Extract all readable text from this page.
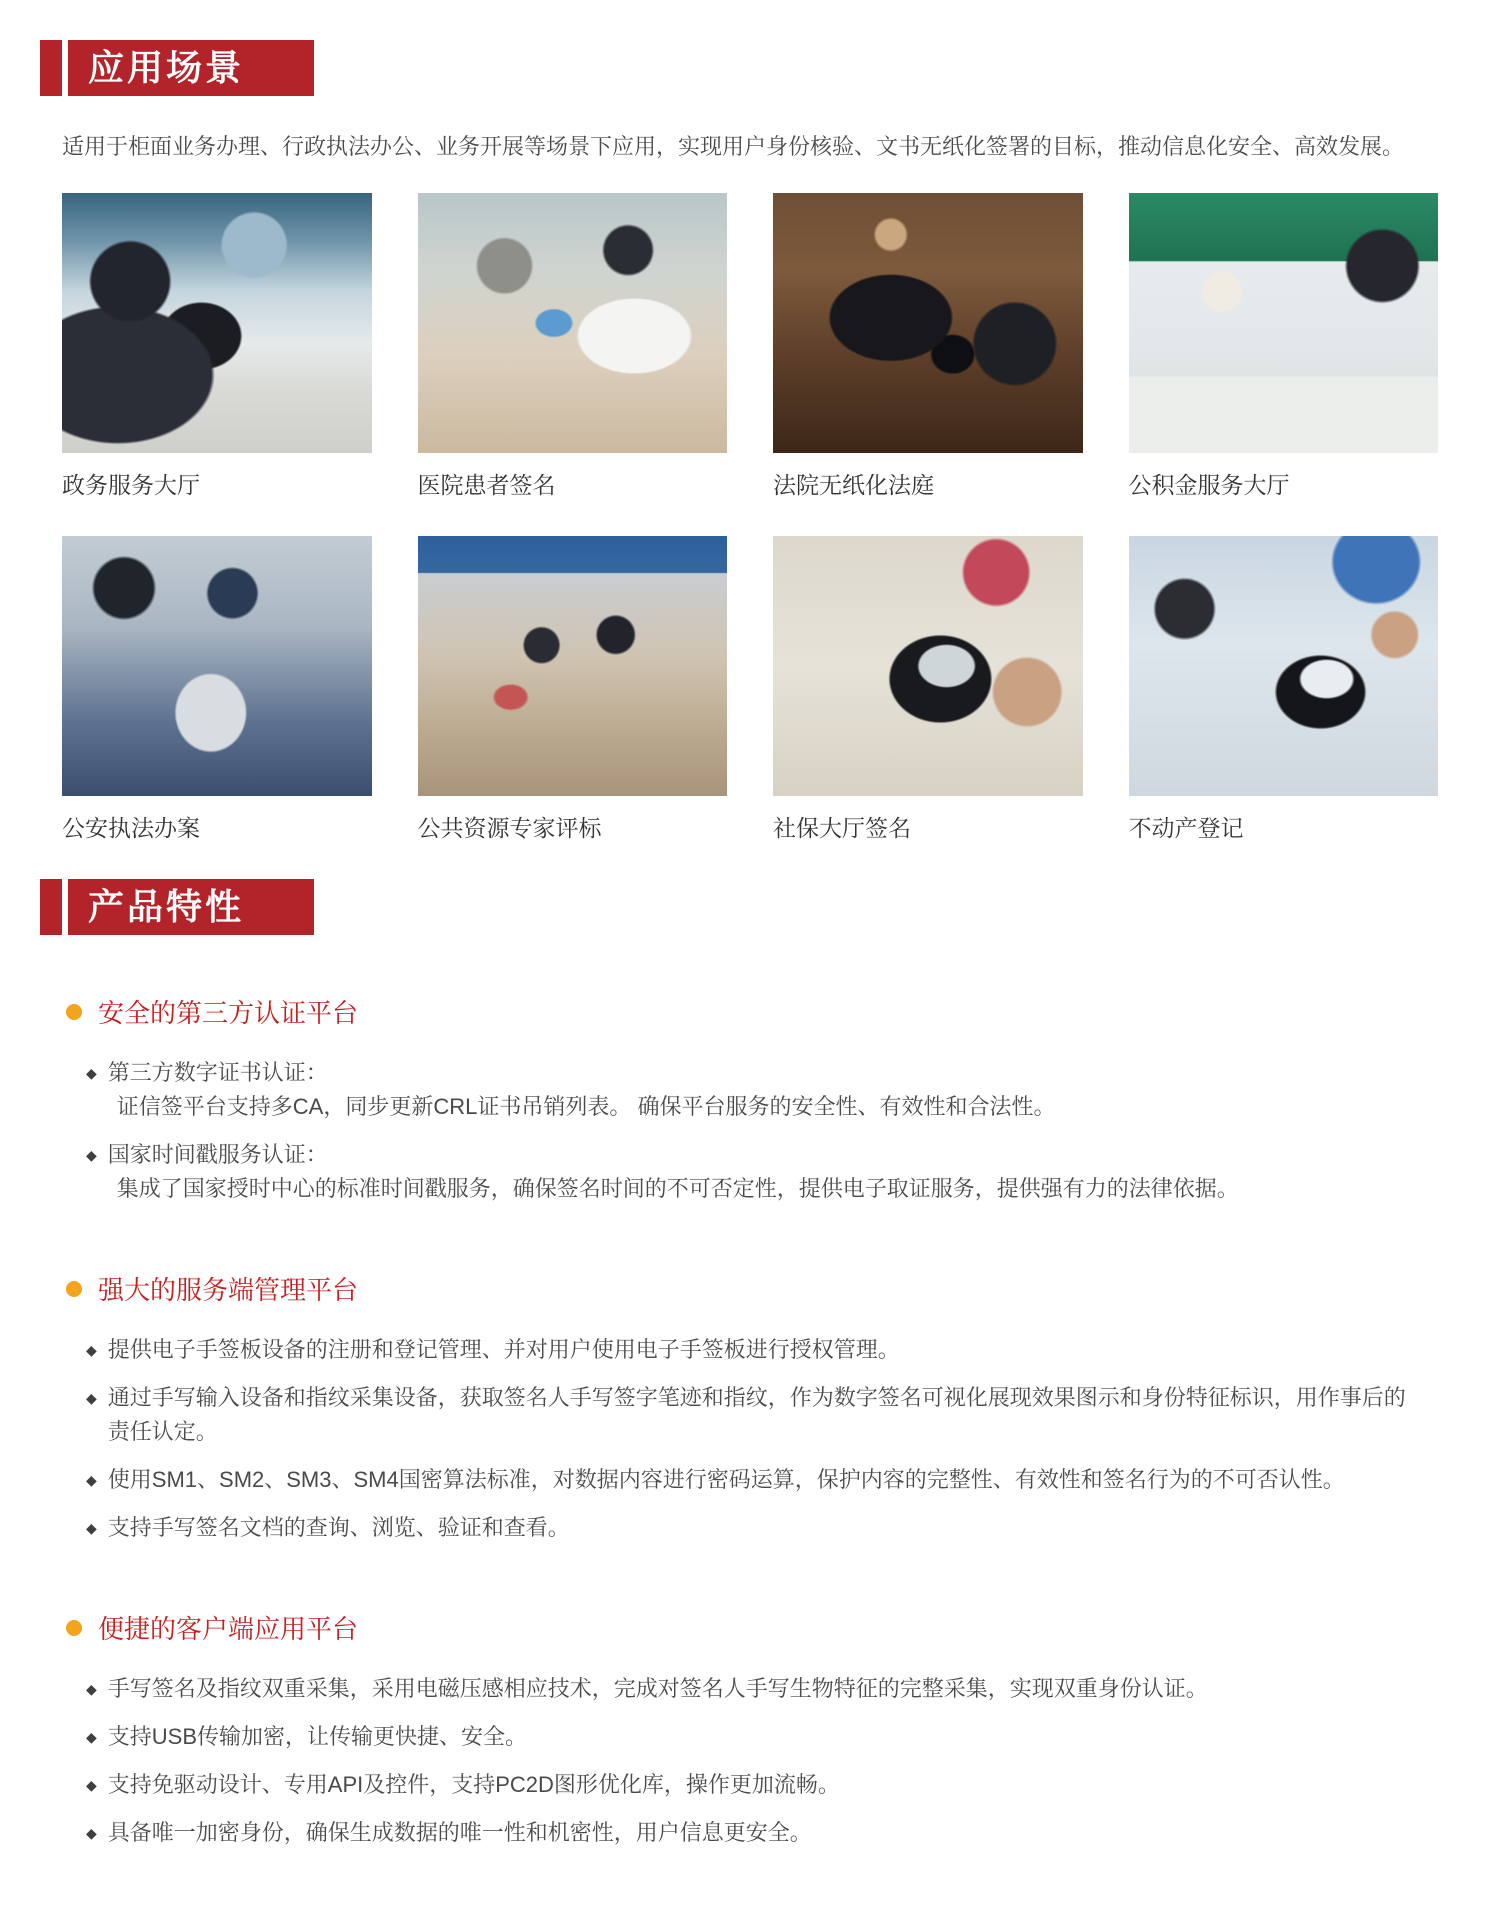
应用场景

适用于柜面业务办理、行政执法办公、业务开展等场景下应用，实现用户身份核验、文书无纸化签署的目标，推动信息化安全、高效发展。

政务服务大厅	医院患者签名	法院无纸化法庭	公积金服务大厅
公安执法办案	公共资源专家评标	社保大厅签名	不动产登记
产品特性
安全的第三方认证平台
◆ 第三方数字证书认证：
证信签平台支持多CA，同步更新CRL证书吊销列表。 确保平台服务的安全性、有效性和合法性。
◆ 国家时间戳服务认证：
集成了国家授时中心的标准时间戳服务，确保签名时间的不可否定性，提供电子取证服务，提供强有力的法律依据。
强大的服务端管理平台
◆ 提供电子手签板设备的注册和登记管理、并对用户使用电子手签板进行授权管理。
◆ 通过手写输入设备和指纹采集设备，获取签名人手写签字笔迹和指纹，作为数字签名可视化展现效果图示和身份特征标识，用作事后的责任认定。
◆ 使用SM1、SM2、SM3、SM4国密算法标准，对数据内容进行密码运算，保护内容的完整性、有效性和签名行为的不可否认性。
◆ 支持手写签名文档的查询、浏览、验证和查看。
便捷的客户端应用平台
◆ 手写签名及指纹双重采集，采用电磁压感相应技术，完成对签名人手写生物特征的完整采集，实现双重身份认证。
◆ 支持USB传输加密，让传输更快捷、安全。
◆ 支持免驱动设计、专用API及控件，支持PC2D图形优化库，操作更加流畅。
◆ 具备唯一加密身份，确保生成数据的唯一性和机密性，用户信息更安全。
